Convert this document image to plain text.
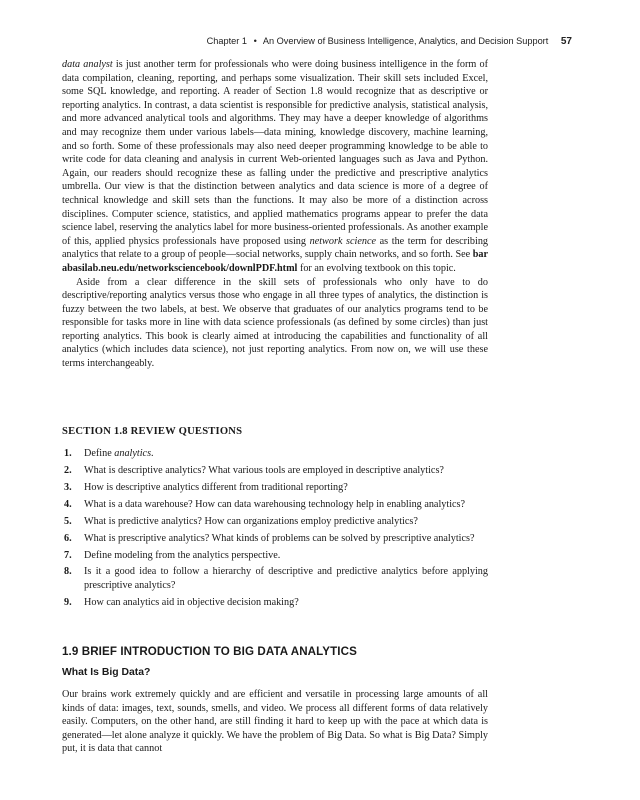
Chapter 1 • An Overview of Business Intelligence, Analytics, and Decision Support 57

data analyst is just another term for professionals who were doing business intelligence in the form of data compilation, cleaning, reporting, and perhaps some visualization. Their skill sets included Excel, some SQL knowledge, and reporting. A reader of Section 1.8 would recognize that as descriptive or reporting analytics. In contrast, a data scientist is responsible for predictive analysis, statistical analysis, and more advanced analytical tools and algorithms. They may have a deeper knowledge of algorithms and may recognize them under various labels—data mining, knowledge discovery, machine learning, and so forth. Some of these professionals may also need deeper programming knowledge to be able to write code for data cleaning and analysis in current Web-oriented languages such as Java and Python. Again, our readers should recognize these as falling under the predictive and prescriptive analytics umbrella. Our view is that the distinction between analytics and data science is more of a degree of technical knowledge and skill sets than the functions. It may also be more of a distinction across disciplines. Computer science, statistics, and applied mathematics programs appear to prefer the data science label, reserving the analytics label for more business-oriented professionals. As another example of this, applied physics professionals have proposed using network science as the term for describing analytics that relate to a group of people—social networks, supply chain networks, and so forth. See barabasilab.neu.edu/networksciencebook/downlPDF.html for an evolving textbook on this topic.

Aside from a clear difference in the skill sets of professionals who only have to do descriptive/reporting analytics versus those who engage in all three types of analytics, the distinction is fuzzy between the two labels, at best. We observe that graduates of our analytics programs tend to be responsible for tasks more in line with data science professionals (as defined by some circles) than just reporting analytics. This book is clearly aimed at introducing the capabilities and functionality of all analytics (which includes data science), not just reporting analytics. From now on, we will use these terms interchangeably.

SECTION 1.8 REVIEW QUESTIONS
1. Define analytics.
2. What is descriptive analytics? What various tools are employed in descriptive analytics?
3. How is descriptive analytics different from traditional reporting?
4. What is a data warehouse? How can data warehousing technology help in enabling analytics?
5. What is predictive analytics? How can organizations employ predictive analytics?
6. What is prescriptive analytics? What kinds of problems can be solved by prescriptive analytics?
7. Define modeling from the analytics perspective.
8. Is it a good idea to follow a hierarchy of descriptive and predictive analytics before applying prescriptive analytics?
9. How can analytics aid in objective decision making?
1.9 BRIEF INTRODUCTION TO BIG DATA ANALYTICS
What Is Big Data?

Our brains work extremely quickly and are efficient and versatile in processing large amounts of all kinds of data: images, text, sounds, smells, and video. We process all different forms of data relatively easily. Computers, on the other hand, are still finding it hard to keep up with the pace at which data is generated—let alone analyze it quickly. We have the problem of Big Data. So what is Big Data? Simply put, it is data that cannot
